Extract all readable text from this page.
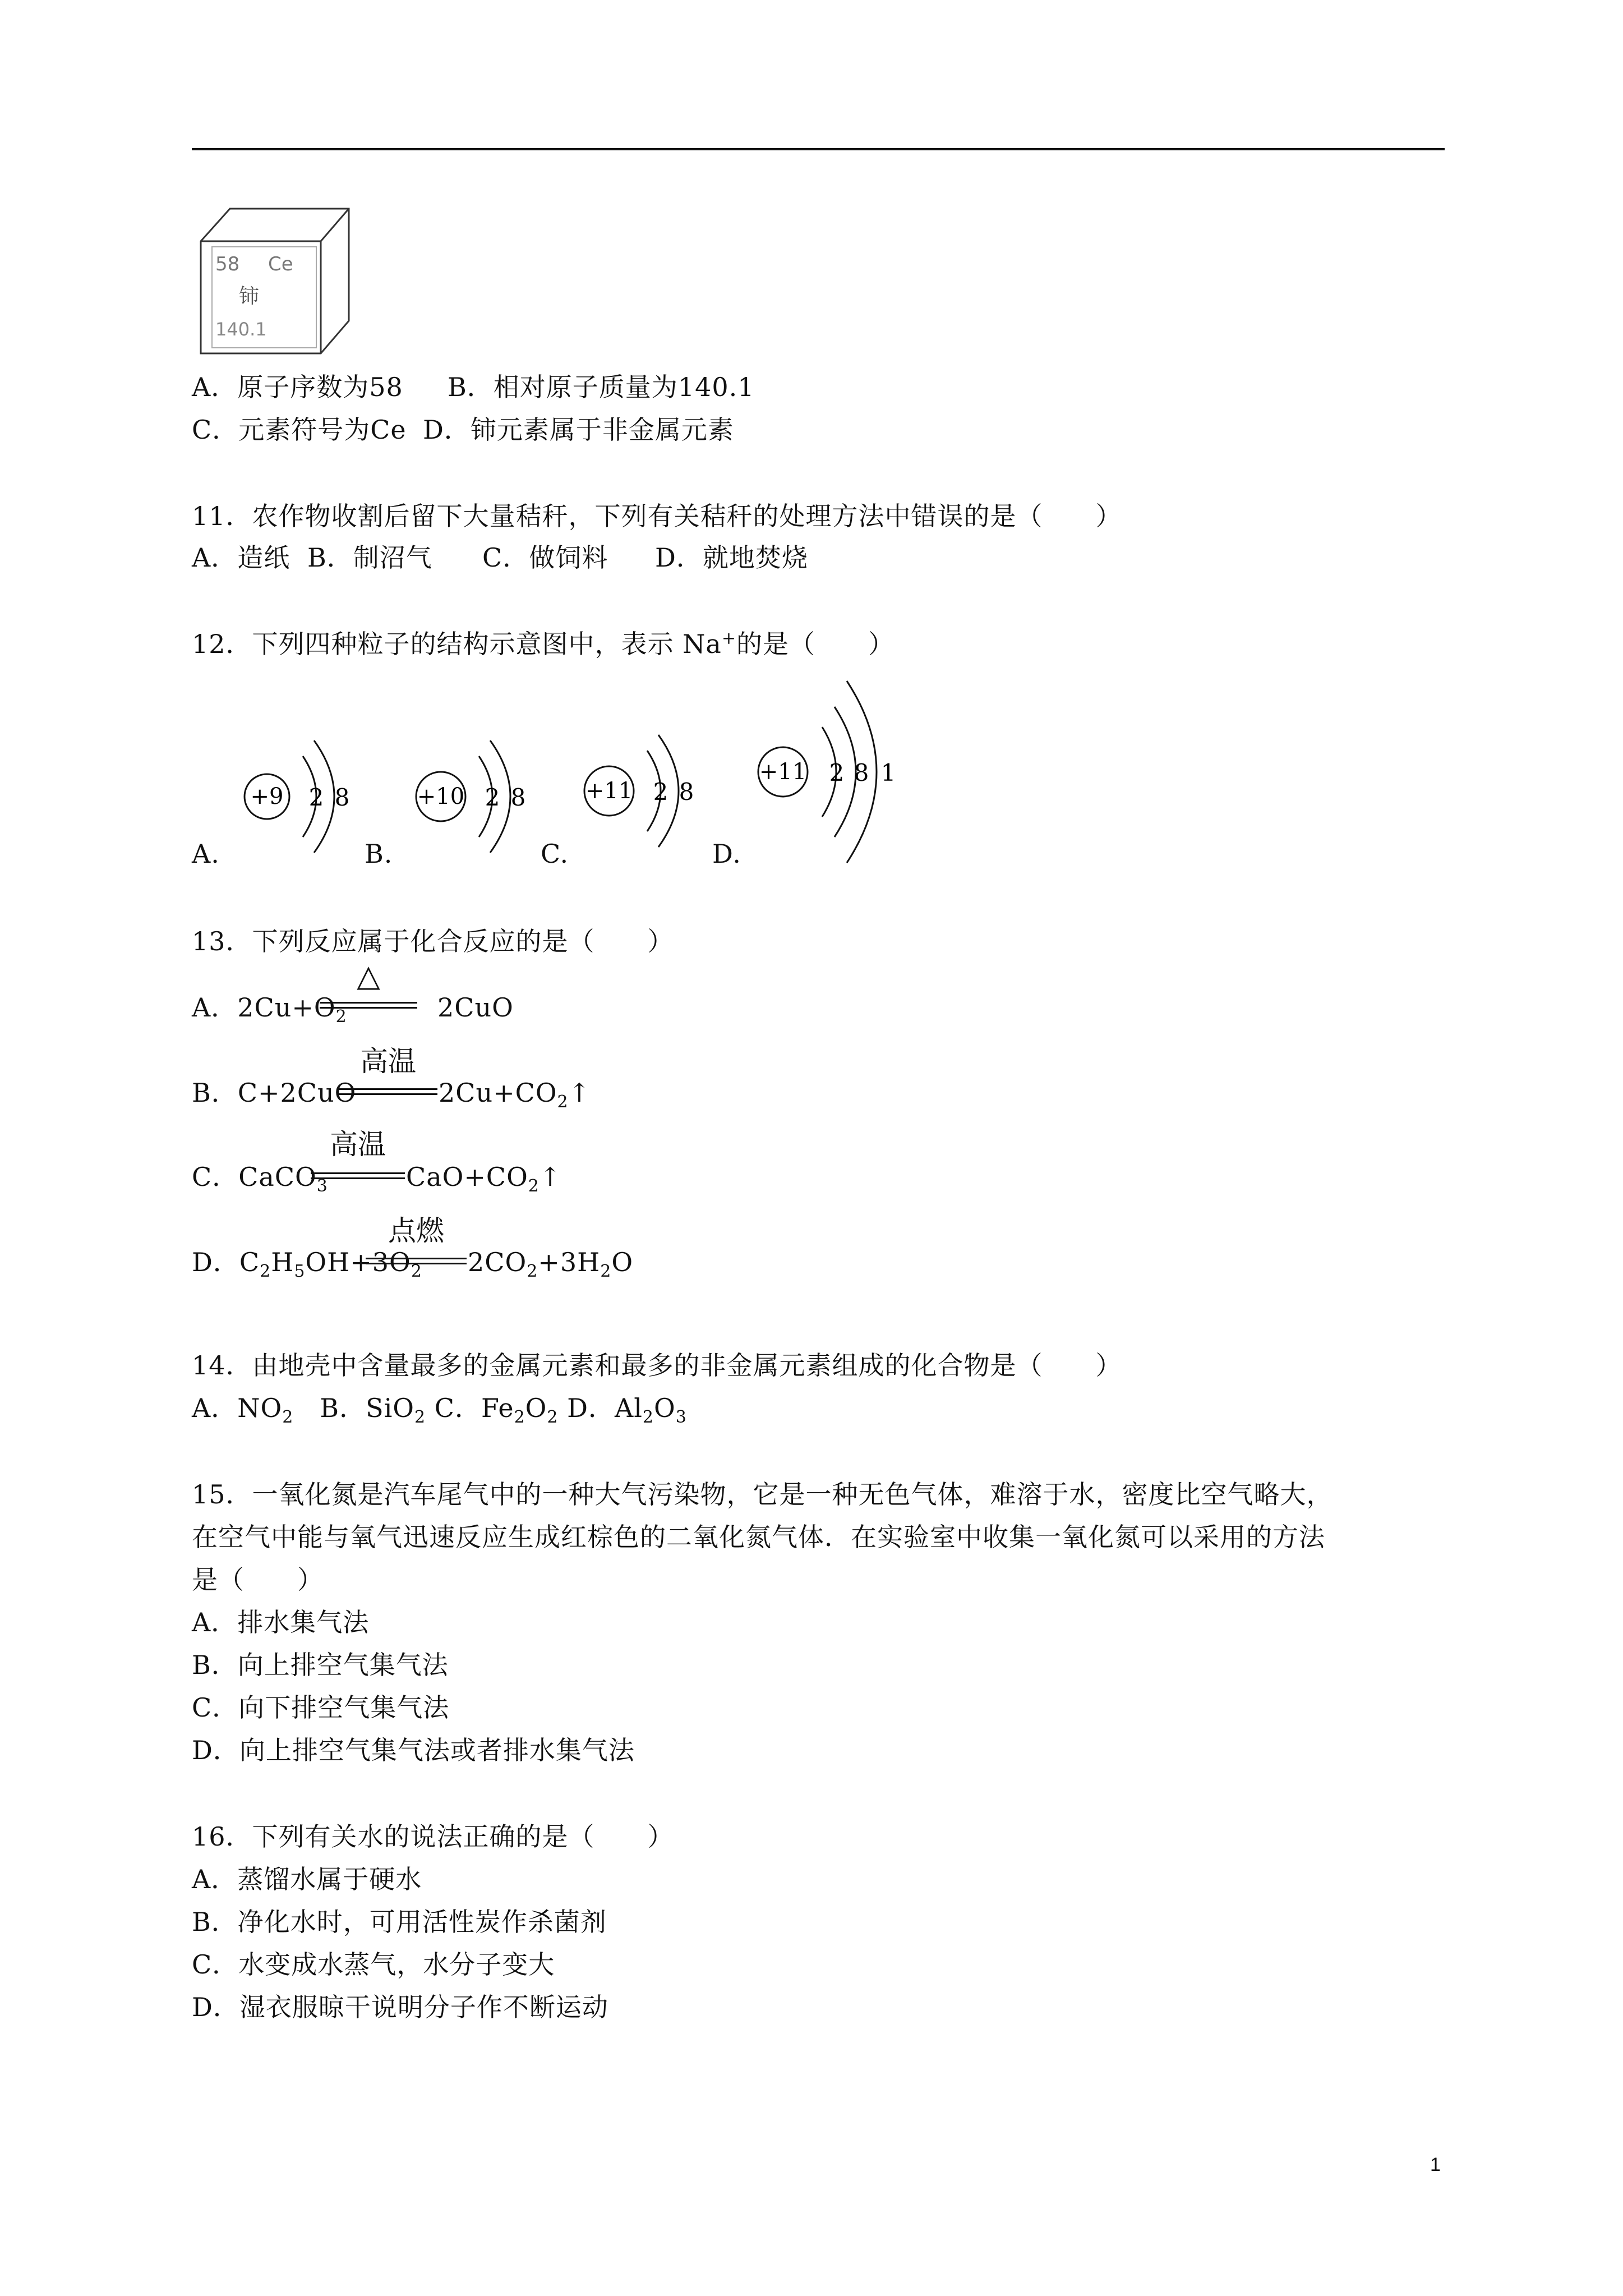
58 Ce
铈
140.1
A．原子序数为58 B．相对原子质量为140.1
C．元素符号为Ce D．铈元素属于非金属元素
11．农作物收割后留下大量秸秆，下列有关秸秆的处理方法中错误的是（　　）
A．造纸 B．制沼气 C．做饲料 D．就地焚烧
12．下列四种粒子的结构示意图中，表示 Na+的是（　　）
A.	B.	C.	D.
+9 2 8	+10 2 8	+11 2 8
+11 2 8 1
13．下列反应属于化合反应的是（　　）
A．$2Cu+O_2$
△
2CuO
B．C+2CuO
高温
$2Cu+CO_2↑$
C．CaCO$_3$
高温
$CaO+CO_2↑$
D．$C_2H_5OH+3O_2$
点燃
$2CO_2+3H_2O$
14．由地壳中含量最多的金属元素和最多的非金属元素组成的化合物是（　　）
A．$NO_2$　B．SiO$_2$ C．$Fe_2O_2$ D．$Al_2O_3$
15．一氧化氮是汽车尾气中的一种大气污染物，它是一种无色气体，难溶于水，密度比空气略大，
在空气中能与氧气迅速反应生成红棕色的二氧化氮气体．在实验室中收集一氧化氮可以采用的方法
是（　　）
A．排水集气法
B．向上排空气集气法
C．向下排空气集气法
D．向上排空气集气法或者排水集气法
16．下列有关水的说法正确的是（　　）
A．蒸馏水属于硬水
B．净化水时，可用活性炭作杀菌剂
C．水变成水蒸气，水分子变大
D．湿衣服晾干说明分子作不断运动
1
